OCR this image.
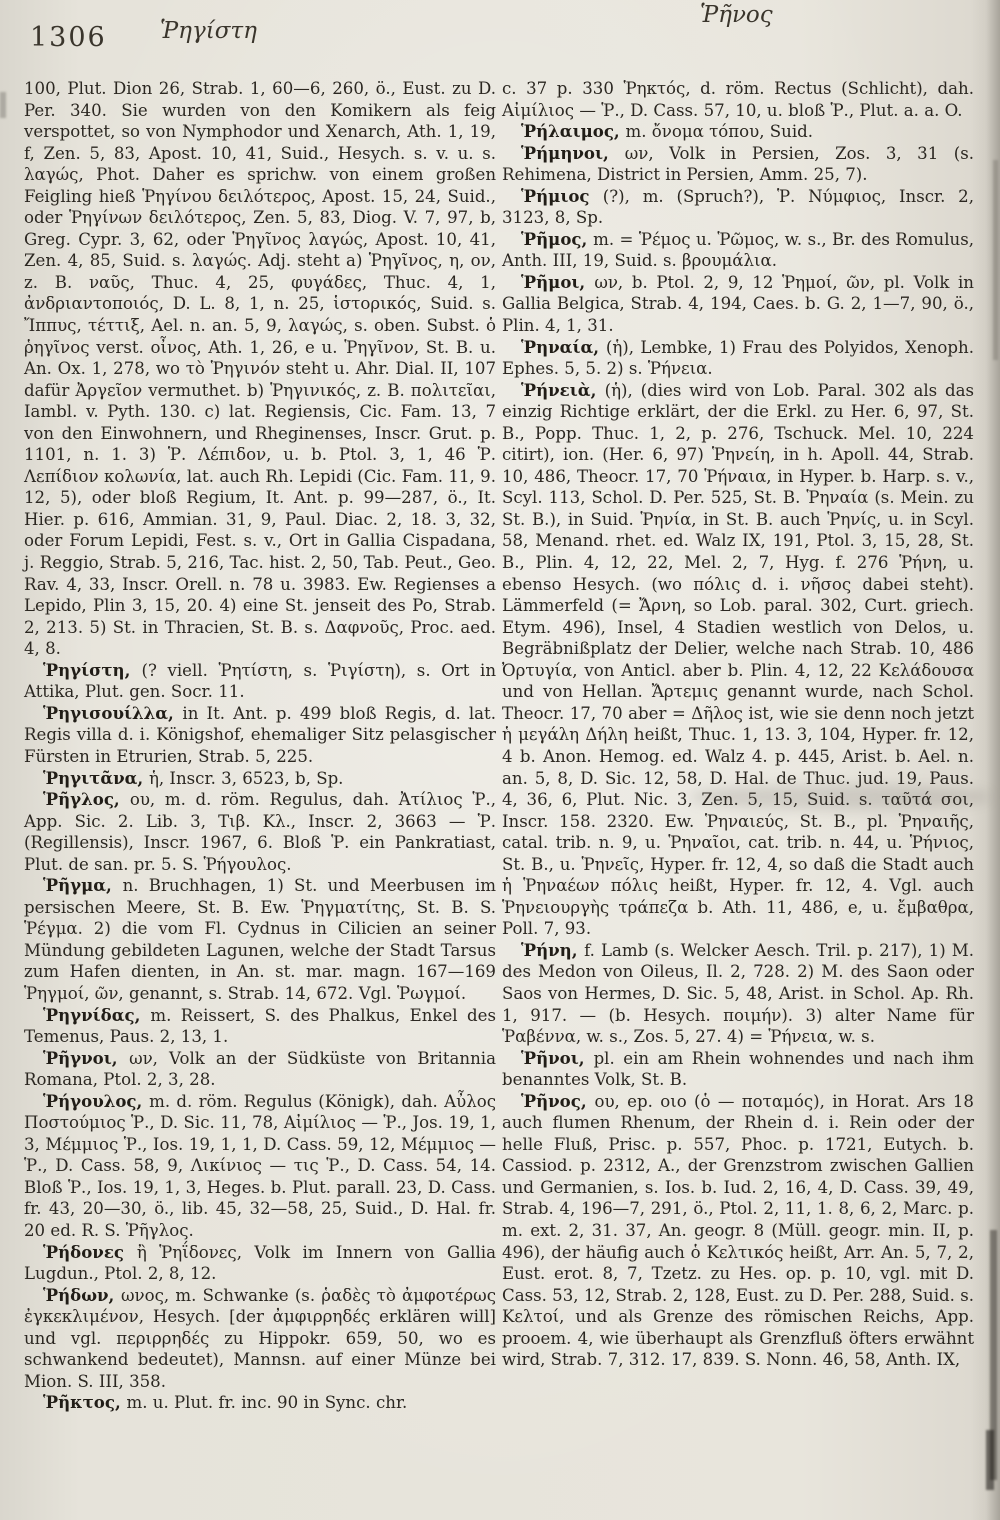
1306 Ῥηγίστη
Ῥῆνος

100, Plut. Dion 26, Strab. 1, 60—6, 260, ö., Eust. zu D. Per. 340. Sie wurden von den Komikern als feig verspottet, so von Nymphodor und Xenarch, Ath. 1, 19, f, Zen. 5, 83, Apost. 10, 41, Suid., Hesych. s. v. u. s. λαγώς, Phot. Daher es sprichw. von einem großen Feigling hieß Ῥηγίνου δειλότερος, Apost. 15, 24, Suid., oder Ῥηγίνων δειλότερος, Zen. 5, 83, Diog. V. 7, 97, b, Greg. Cypr. 3, 62, oder Ῥηγῖνος λαγώς, Apost. 10, 41, Zen. 4, 85, Suid. s. λαγώς. Adj. steht a) Ῥηγῖνος, η, ον, z. B. ναῦς, Thuc. 4, 25, φυγάδες, Thuc. 4, 1, ἀνδριαντοποιός, D. L. 8, 1, n. 25, ἱστορικός, Suid. s. Ἴππυς, τέττιξ, Ael. n. an. 5, 9, λαγώς, s. oben. Subst. ὁ ῥηγῖνος verst. οἶνος, Ath. 1, 26, e u. Ῥηγῖνον, St. B. u. An. Ox. 1, 278, wo τὸ Ῥηγινόν steht u. Ahr. Dial. II, 107 dafür Ἀργεῖον vermuthet. b) Ῥηγινικός, z. B. πολιτεῖαι, Iambl. v. Pyth. 130. c) lat. Regiensis, Cic. Fam. 13, 7 von den Einwohnern, und Rheginenses, Inscr. Grut. p. 1101, n. 1. 3) Ῥ. Λέπιδον, u. b. Ptol. 3, 1, 46 Ῥ. Λεπίδιον κολωνία, lat. auch Rh. Lepidi (Cic. Fam. 11, 9. 12, 5), oder bloß Regium, It. Ant. p. 99—287, ö., It. Hier. p. 616, Ammian. 31, 9, Paul. Diac. 2, 18. 3, 32, oder Forum Lepidi, Fest. s. v., Ort in Gallia Cispadana, j. Reggio, Strab. 5, 216, Tac. hist. 2, 50, Tab. Peut., Geo. Rav. 4, 33, Inscr. Orell. n. 78 u. 3983. Ew. Regienses a Lepido, Plin 3, 15, 20. 4) eine St. jenseit des Po, Strab. 2, 213. 5) St. in Thracien, St. B. s. Δαφνοῦς, Proc. aed. 4, 8.

Ῥηγίστη, (? viell. Ῥητίστη, s. Ῥιγίστη), s. Ort in Attika, Plut. gen. Socr. 11.

Ῥηγισουίλλα, in It. Ant. p. 499 bloß Regis, d. lat. Regis villa d. i. Königshof, ehemaliger Sitz pelasgischer Fürsten in Etrurien, Strab. 5, 225.

Ῥηγιτᾶνα, ἡ, Inscr. 3, 6523, b, Sp.

Ῥῆγλος, ου, m. d. röm. Regulus, dah. Ἀτίλιος Ῥ., App. Sic. 2. Lib. 3, Τιβ. Κλ., Inscr. 2, 3663 — Ῥ. (Regillensis), Inscr. 1967, 6. Bloß Ῥ. ein Pankratiast, Plut. de san. pr. 5. S. Ῥήγουλος.

Ῥῆγμα, n. Bruchhagen, 1) St. und Meerbusen im persischen Meere, St. B. Ew. Ῥηγματίτης, St. B. S. Ῥέγμα. 2) die vom Fl. Cydnus in Cilicien an seiner Mündung gebildeten Lagunen, welche der Stadt Tarsus zum Hafen dienten, in An. st. mar. magn. 167—169 Ῥηγμοί, ῶν, genannt, s. Strab. 14, 672. Vgl. Ῥωγμοί.

Ῥηγνίδας, m. Reissert, S. des Phalkus, Enkel des Temenus, Paus. 2, 13, 1.

Ῥῆγνοι, ων, Volk an der Südküste von Britannia Romana, Ptol. 2, 3, 28.

Ῥήγουλος, m. d. röm. Regulus (Königk), dah. Αὖλος Ποστούμιος Ῥ., D. Sic. 11, 78, Αἰμίλιος — Ῥ., Jos. 19, 1, 3, Μέμμιος Ῥ., Ios. 19, 1, 1, D. Cass. 59, 12, Μέμμιος — Ῥ., D. Cass. 58, 9, Λικίνιος — τις Ῥ., D. Cass. 54, 14. Bloß Ῥ., Ios. 19, 1, 3, Heges. b. Plut. parall. 23, D. Cass. fr. 43, 20—30, ö., lib. 45, 32—58, 25, Suid., D. Hal. fr. 20 ed. R. S. Ῥῆγλος.

Ῥήδονες ἢ Ῥηΐδονες, Volk im Innern von Gallia Lugdun., Ptol. 2, 8, 12.

Ῥήδων, ωνος, m. Schwanke (s. ῥαδὲς τὸ ἀμφοτέρως ἐγκεκλιμένον, Hesych. [der ἀμφιρρηδές erklären will] und vgl. περιρρηδές zu Hippokr. 659, 50, wo es schwankend bedeutet), Mannsn. auf einer Münze bei Mion. S. III, 358.

Ῥῆκτος, m. u. Plut. fr. inc. 90 in Sync. chr.

c. 37 p. 330 Ῥηκτός, d. röm. Rectus (Schlicht), dah. Αἰμίλιος — Ῥ., D. Cass. 57, 10, u. bloß Ῥ., Plut. a. a. O.

Ῥήλαιμος, m. ὄνομα τόπου, Suid.

Ῥήμηνοι, ων, Volk in Persien, Zos. 3, 31 (s. Rehimena, District in Persien, Amm. 25, 7).

Ῥήμιος (?), m. (Spruch?), Ῥ. Νύμφιος, Inscr. 2, 3123, 8, Sp.

Ῥῆμος, m. = Ῥέμος u. Ῥῶμος, w. s., Br. des Romulus, Anth. III, 19, Suid. s. βρουμάλια.

Ῥῆμοι, ων, b. Ptol. 2, 9, 12 Ῥημοί, ῶν, pl. Volk in Gallia Belgica, Strab. 4, 194, Caes. b. G. 2, 1—7, 90, ö., Plin. 4, 1, 31.

Ῥηναία, (ἡ), Lembke, 1) Frau des Polyidos, Xenoph. Ephes. 5, 5. 2) s. Ῥήνεια.

Ῥήνειὰ, (ἡ), (dies wird von Lob. Paral. 302 als das einzig Richtige erklärt, der die Erkl. zu Her. 6, 97, St. B., Popp. Thuc. 1, 2, p. 276, Tschuck. Mel. 10, 224 citirt), ion. (Her. 6, 97) Ῥηνείη, in h. Apoll. 44, Strab. 10, 486, Theocr. 17, 70 Ῥήναια, in Hyper. b. Harp. s. v., Scyl. 113, Schol. D. Per. 525, St. B. Ῥηναία (s. Mein. zu St. B.), in Suid. Ῥηνία, in St. B. auch Ῥηνίς, u. in Scyl. 58, Menand. rhet. ed. Walz IX, 191, Ptol. 3, 15, 28, St. B., Plin. 4, 12, 22, Mel. 2, 7, Hyg. f. 276 Ῥήνη, u. ebenso Hesych. (wo πόλις d. i. νῆσος dabei steht). Lämmerfeld (= Ἄρνη, so Lob. paral. 302, Curt. griech. Etym. 496), Insel, 4 Stadien westlich von Delos, u. Begräbnißplatz der Delier, welche nach Strab. 10, 486 Ὀρτυγία, von Anticl. aber b. Plin. 4, 12, 22 Κελάδουσα und von Hellan. Ἄρτεμις genannt wurde, nach Schol. Theocr. 17, 70 aber = Δῆλος ist, wie sie denn noch jetzt ἡ μεγάλη Δήλη heißt, Thuc. 1, 13. 3, 104, Hyper. fr. 12, 4 b. Anon. Hemog. ed. Walz 4. p. 445, Arist. b. Ael. n. an. 5, 8, D. Sic. 12, 58, D. Hal. de Thuc. jud. 19, Paus. 4, 36, 6, Plut. Nic. 3, Zen. 5, 15, Suid. s. ταῦτά σοι, Inscr. 158. 2320. Ew. Ῥηναιεύς, St. B., pl. Ῥηναιῆς, catal. trib. n. 9, u. Ῥηναῖοι, cat. trib. n. 44, u. Ῥήνιος, St. B., u. Ῥηνεῖς, Hyper. fr. 12, 4, so daß die Stadt auch ἡ Ῥηναέων πόλις heißt, Hyper. fr. 12, 4. Vgl. auch Ῥηνειουργὴς τράπεζα b. Ath. 11, 486, e, u. ἔμβαθρα, Poll. 7, 93.

Ῥήνη, f. Lamb (s. Welcker Aesch. Tril. p. 217), 1) M. des Medon von Oileus, Il. 2, 728. 2) M. des Saon oder Saos von Hermes, D. Sic. 5, 48, Arist. in Schol. Ap. Rh. 1, 917. — (b. Hesych. ποιμήν). 3) alter Name für Ῥαβέννα, w. s., Zos. 5, 27. 4) = Ῥήνεια, w. s.

Ῥῆνοι, pl. ein am Rhein wohnendes und nach ihm benanntes Volk, St. B.

Ῥῆνος, ου, ep. οιο (ὁ — ποταμός), in Horat. Ars 18 auch flumen Rhenum, der Rhein d. i. Rein oder der helle Fluß, Prisc. p. 557, Phoc. p. 1721, Eutych. b. Cassiod. p. 2312, A., der Grenzstrom zwischen Gallien und Germanien, s. Ios. b. Iud. 2, 16, 4, D. Cass. 39, 49, Strab. 4, 196—7, 291, ö., Ptol. 2, 11, 1. 8, 6, 2, Marc. p. m. ext. 2, 31. 37, An. geogr. 8 (Müll. geogr. min. II, p. 496), der häufig auch ὁ Κελτικός heißt, Arr. An. 5, 7, 2, Eust. erot. 8, 7, Tzetz. zu Hes. op. p. 10, vgl. mit D. Cass. 53, 12, Strab. 2, 128, Eust. zu D. Per. 288, Suid. s. Κελτοί, und als Grenze des römischen Reichs, App. prooem. 4, wie überhaupt als Grenzfluß öfters erwähnt wird, Strab. 7, 312. 17, 839. S. Nonn. 46, 58, Anth. IX,
